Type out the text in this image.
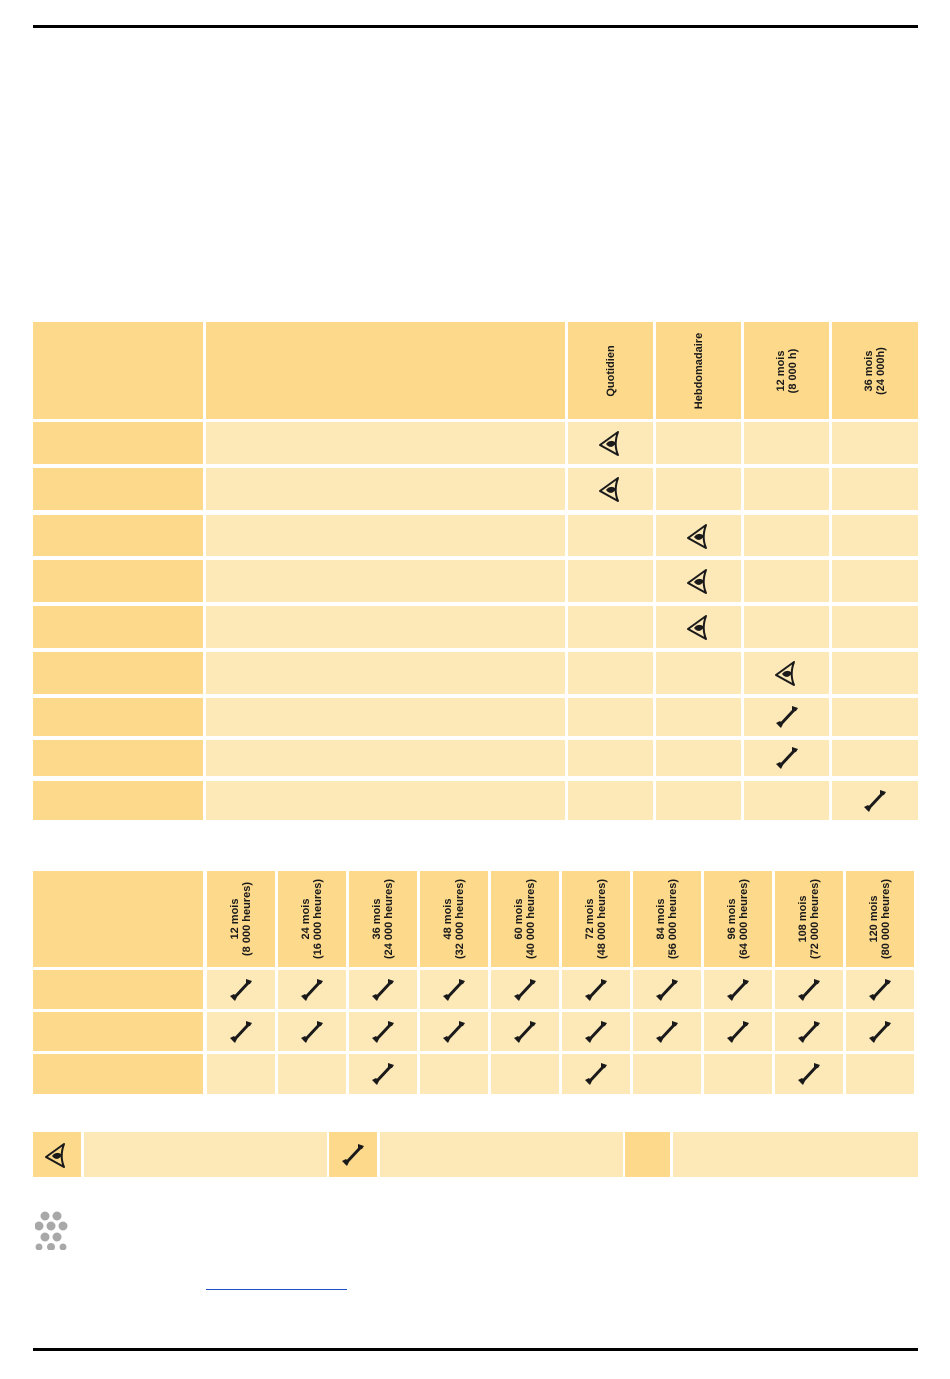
Quotidien	Hebdomadaire	12 mois
(8 000 h)
36 mois
(24 000h)
12 mois
(8 000 heures)
24 mois
(16 000 heures)
36 mois
(24 000 heures)
48 mois
(32 000 heures)
60 mois
(40 000 heures)
72 mois
(48 000 heures)
84 mois
(56 000 heures)
96 mois
(64 000 heures)
108 mois
(72 000 heures)
120 mois
(80 000 heures)
